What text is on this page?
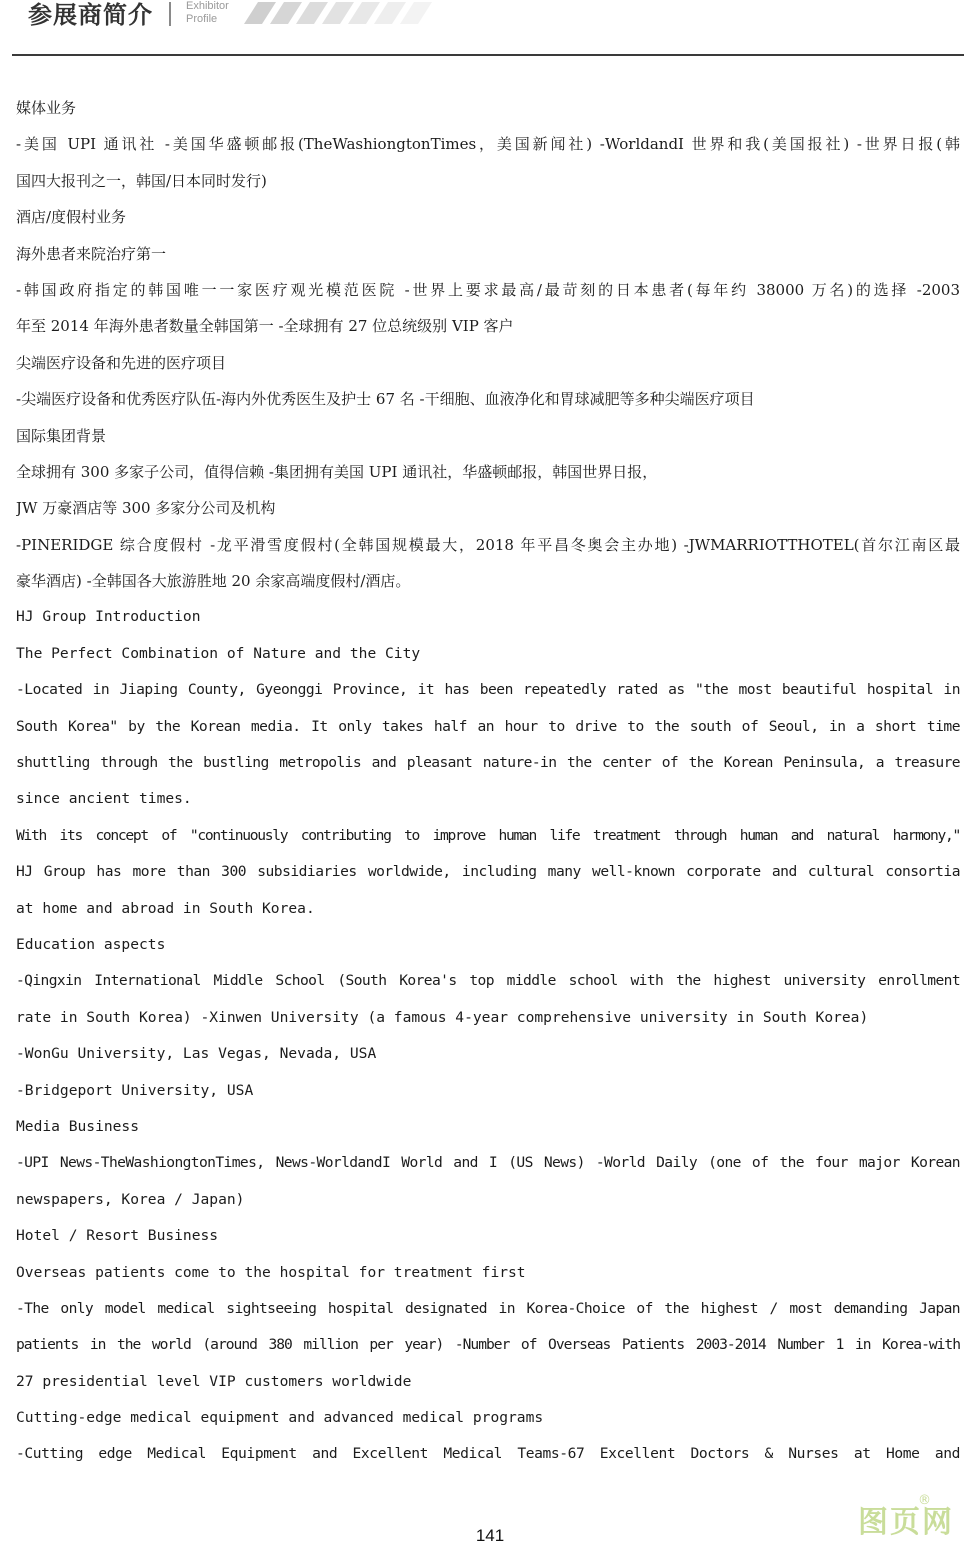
参展商简介	Exhibitor
Profile
媒体业务
-美国 UPI 通讯社 -美国华盛顿邮报(TheWashiongtonTimes，美国新闻社) -WorldandI 世界和我(美国报社) -世界日报(韩
国四大报刊之一，韩国/日本同时发行)
酒店/度假村业务
海外患者来院治疗第一
-韩国政府指定的韩国唯一一家医疗观光模范医院 -世界上要求最高/最苛刻的日本患者(每年约 38000 万名)的选择 -2003
年至 2014 年海外患者数量全韩国第一 -全球拥有 27 位总统级别 VIP 客户
尖端医疗设备和先进的医疗项目
-尖端医疗设备和优秀医疗队伍-海内外优秀医生及护士 67 名 -干细胞、血液净化和胃球减肥等多种尖端医疗项目
国际集团背景
全球拥有 300 多家子公司，值得信赖 -集团拥有美国 UPI 通讯社，华盛顿邮报，韩国世界日报，
JW 万豪酒店等 300 多家分公司及机构
-PINERIDGE 综合度假村 -龙平滑雪度假村(全韩国规模最大，2018 年平昌冬奥会主办地) -JWMARRIOTTHOTEL(首尔江南区最
豪华酒店) -全韩国各大旅游胜地 20 余家高端度假村/酒店。
HJ Group Introduction
The Perfect Combination of Nature and the City
-Located in Jiaping County, Gyeonggi Province, it has been repeatedly rated as "the most beautiful hospital in
South Korea" by the Korean media. It only takes half an hour to drive to the south of Seoul, in a short time
shuttling through the bustling metropolis and pleasant nature-in the center of the Korean Peninsula, a treasure
since ancient times.
With its concept of "continuously contributing to improve human life treatment through human and natural harmony,"
HJ Group has more than 300 subsidiaries worldwide, including many well-known corporate and cultural consortia
at home and abroad in South Korea.
Education aspects
-Qingxin International Middle School (South Korea's top middle school with the highest university enrollment
rate in South Korea) -Xinwen University (a famous 4-year comprehensive university in South Korea)
-WonGu University, Las Vegas, Nevada, USA
-Bridgeport University, USA
Media Business
-UPI News-TheWashiongtonTimes, News-WorldandI World and I (US News) -World Daily (one of the four major Korean
newspapers, Korea / Japan)
Hotel / Resort Business
Overseas patients come to the hospital for treatment first
-The only model medical sightseeing hospital designated in Korea-Choice of the highest / most demanding Japan
patients in the world (around 380 million per year) -Number of Overseas Patients 2003-2014 Number 1 in Korea-with
27 presidential level VIP customers worldwide
Cutting-edge medical equipment and advanced medical programs
-Cutting edge Medical Equipment and Excellent Medical Teams-67 Excellent Doctors & Nurses at Home and
141	图页网
®
